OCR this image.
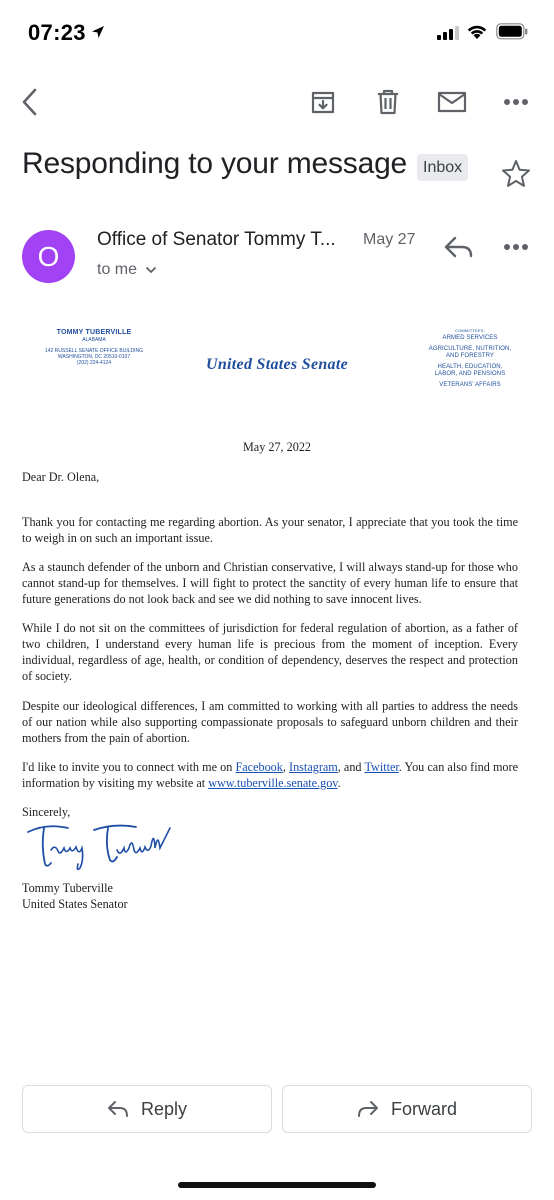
07:23
Responding to your message Inbox
O
Office of Senator Tommy T... May 27
to me
TOMMY TUBERVILLE
ALABAMA
142 RUSSELL SENATE OFFICE BUILDING
WASHINGTON, DC 20510-0107
(202) 224-4124	United States Senate
COMMITTEES:
ARMED SERVICES
AGRICULTURE, NUTRITION,
AND FORESTRY
HEALTH, EDUCATION,
LABOR, AND PENSIONS
VETERANS' AFFAIRS
May 27, 2022
Dear Dr. Olena,
Thank you for contacting me regarding abortion. As your senator, I appreciate that you took the time to weigh in on such an important issue.
As a staunch defender of the unborn and Christian conservative, I will always stand-up for those who cannot stand-up for themselves. I will fight to protect the sanctity of every human life to ensure that future generations do not look back and see we did nothing to save innocent lives.
While I do not sit on the committees of jurisdiction for federal regulation of abortion, as a father of two children, I understand every human life is precious from the moment of inception. Every individual, regardless of age, health, or condition of dependency, deserves the respect and protection of society.
Despite our ideological differences, I am committed to working with all parties to address the needs of our nation while also supporting compassionate proposals to safeguard unborn children and their mothers from the pain of abortion.
I'd like to invite you to connect with me on Facebook, Instagram, and Twitter. You can also find more information by visiting my website at www.tuberville.senate.gov.
Sincerely,
Tommy Tuberville
United States Senator
Reply	Forward
